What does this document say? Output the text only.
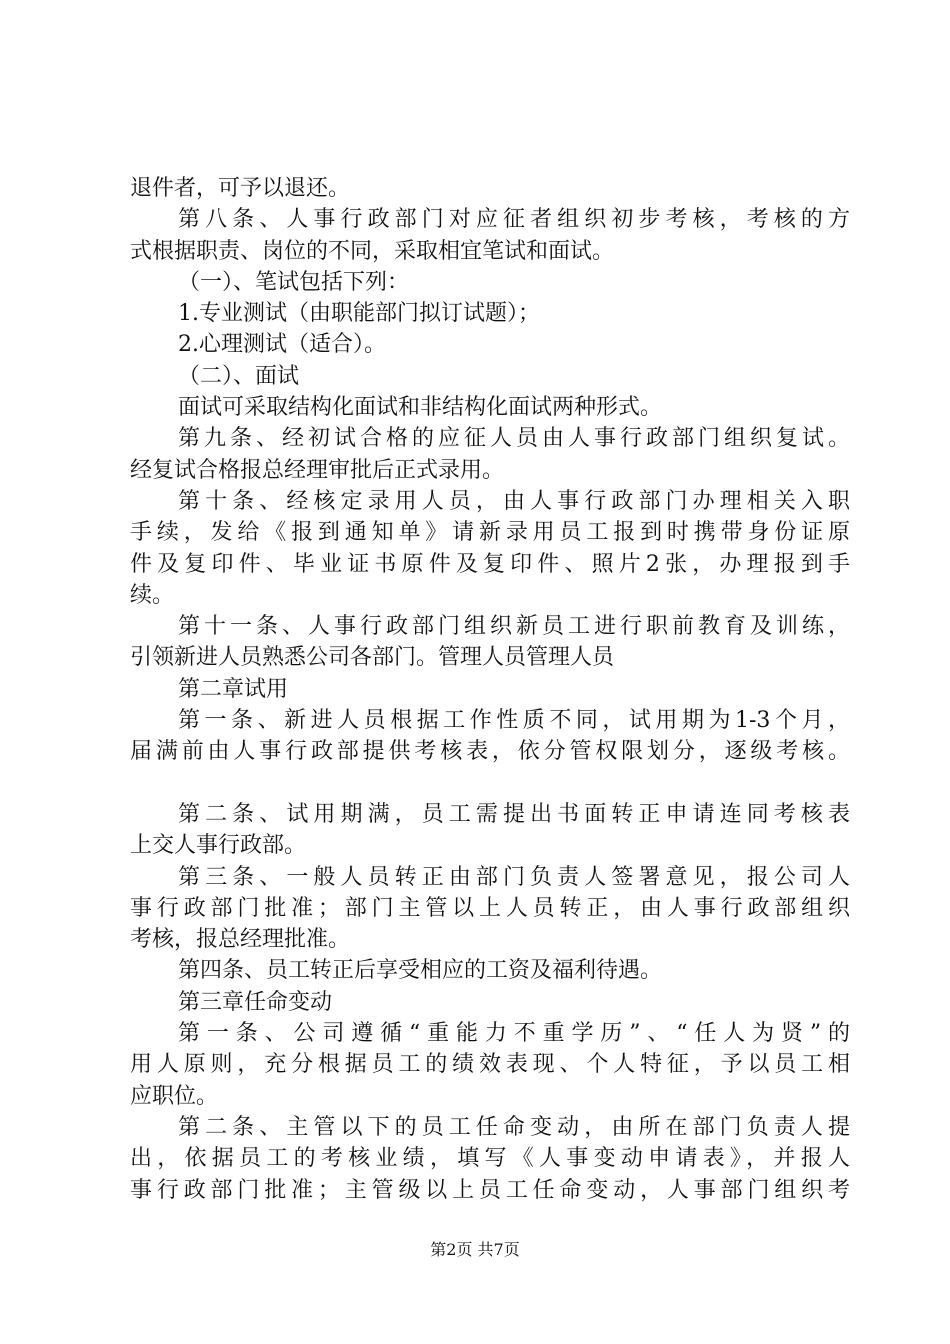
退件者，可予以退还。
第八条、人事行政部门对应征者组织初步考核，考核的方
式根据职责、岗位的不同，采取相宜笔试和面试。
（一）、笔试包括下列：
1.专业测试（由职能部门拟订试题）；
2.心理测试（适合）。
（二）、面试
面试可采取结构化面试和非结构化面试两种形式。
第九条、经初试合格的应征人员由人事行政部门组织复试。
经复试合格报总经理审批后正式录用。
第十条、经核定录用人员，由人事行政部门办理相关入职
手续，发给《报到通知单》请新录用员工报到时携带身份证原
件及复印件、毕业证书原件及复印件、照片2张，办理报到手
续。
第十一条、人事行政部门组织新员工进行职前教育及训练，
引领新进人员熟悉公司各部门。管理人员管理人员
第二章试用
第一条、新进人员根据工作性质不同，试用期为1-3个月，
届满前由人事行政部提供考核表，依分管权限划分，逐级考核。
第二条、试用期满，员工需提出书面转正申请连同考核表
上交人事行政部。
第三条、一般人员转正由部门负责人签署意见，报公司人
事行政部门批准；部门主管以上人员转正，由人事行政部组织
考核，报总经理批准。
第四条、员工转正后享受相应的工资及福利待遇。
第三章任命变动
第一条、公司遵循“重能力不重学历”、“任人为贤”的
用人原则，充分根据员工的绩效表现、个人特征，予以员工相
应职位。
第二条、主管以下的员工任命变动，由所在部门负责人提
出，依据员工的考核业绩，填写《人事变动申请表》，并报人
事行政部门批准；主管级以上员工任命变动，人事部门组织考
第2页 共7页
